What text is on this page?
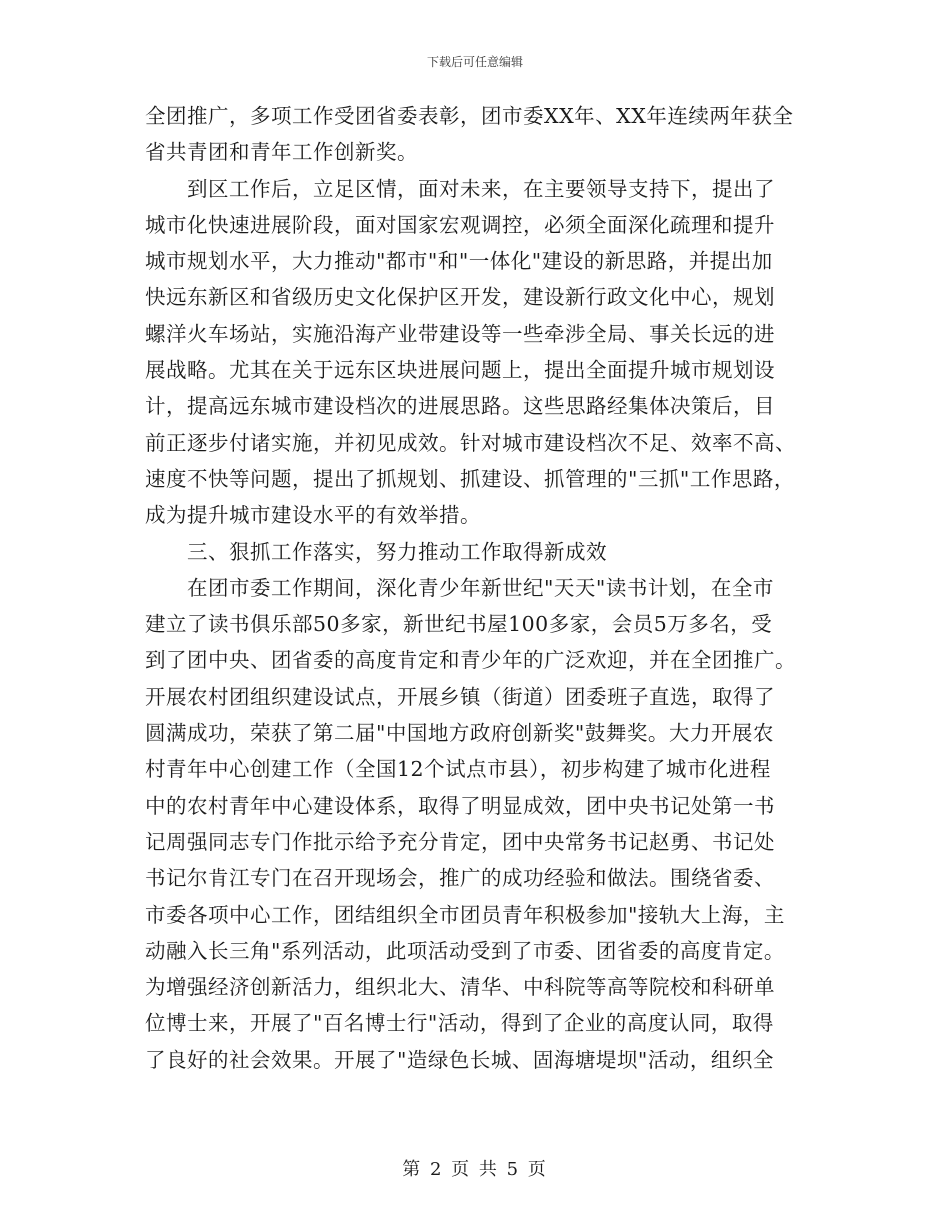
下载后可任意编辑
全团推广，多项工作受团省委表彰，团市委XX年、XX年连续两年获全
省共青团和青年工作创新奖。
到区工作后，立足区情，面对未来，在主要领导支持下，提出了
城市化快速进展阶段，面对国家宏观调控，必须全面深化疏理和提升
城市规划水平，大力推动"都市"和"一体化"建设的新思路，并提出加
快远东新区和省级历史文化保护区开发，建设新行政文化中心，规划
螺洋火车场站，实施沿海产业带建设等一些牵涉全局、事关长远的进
展战略。尤其在关于远东区块进展问题上，提出全面提升城市规划设
计，提高远东城市建设档次的进展思路。这些思路经集体决策后，目
前正逐步付诸实施，并初见成效。针对城市建设档次不足、效率不高、
速度不快等问题，提出了抓规划、抓建设、抓管理的"三抓"工作思路，
成为提升城市建设水平的有效举措。
三、狠抓工作落实，努力推动工作取得新成效
在团市委工作期间，深化青少年新世纪"天天"读书计划，在全市
建立了读书俱乐部50多家，新世纪书屋100多家，会员5万多名，受
到了团中央、团省委的高度肯定和青少年的广泛欢迎，并在全团推广。
开展农村团组织建设试点，开展乡镇（街道）团委班子直选，取得了
圆满成功，荣获了第二届"中国地方政府创新奖"鼓舞奖。大力开展农
村青年中心创建工作（全国12个试点市县），初步构建了城市化进程
中的农村青年中心建设体系，取得了明显成效，团中央书记处第一书
记周强同志专门作批示给予充分肯定，团中央常务书记赵勇、书记处
书记尔肯江专门在召开现场会，推广的成功经验和做法。围绕省委、
市委各项中心工作，团结组织全市团员青年积极参加"接轨大上海，主
动融入长三角"系列活动，此项活动受到了市委、团省委的高度肯定。
为增强经济创新活力，组织北大、清华、中科院等高等院校和科研单
位博士来，开展了"百名博士行"活动，得到了企业的高度认同，取得
了良好的社会效果。开展了"造绿色长城、固海塘堤坝"活动，组织全
第 2 页 共 5 页
